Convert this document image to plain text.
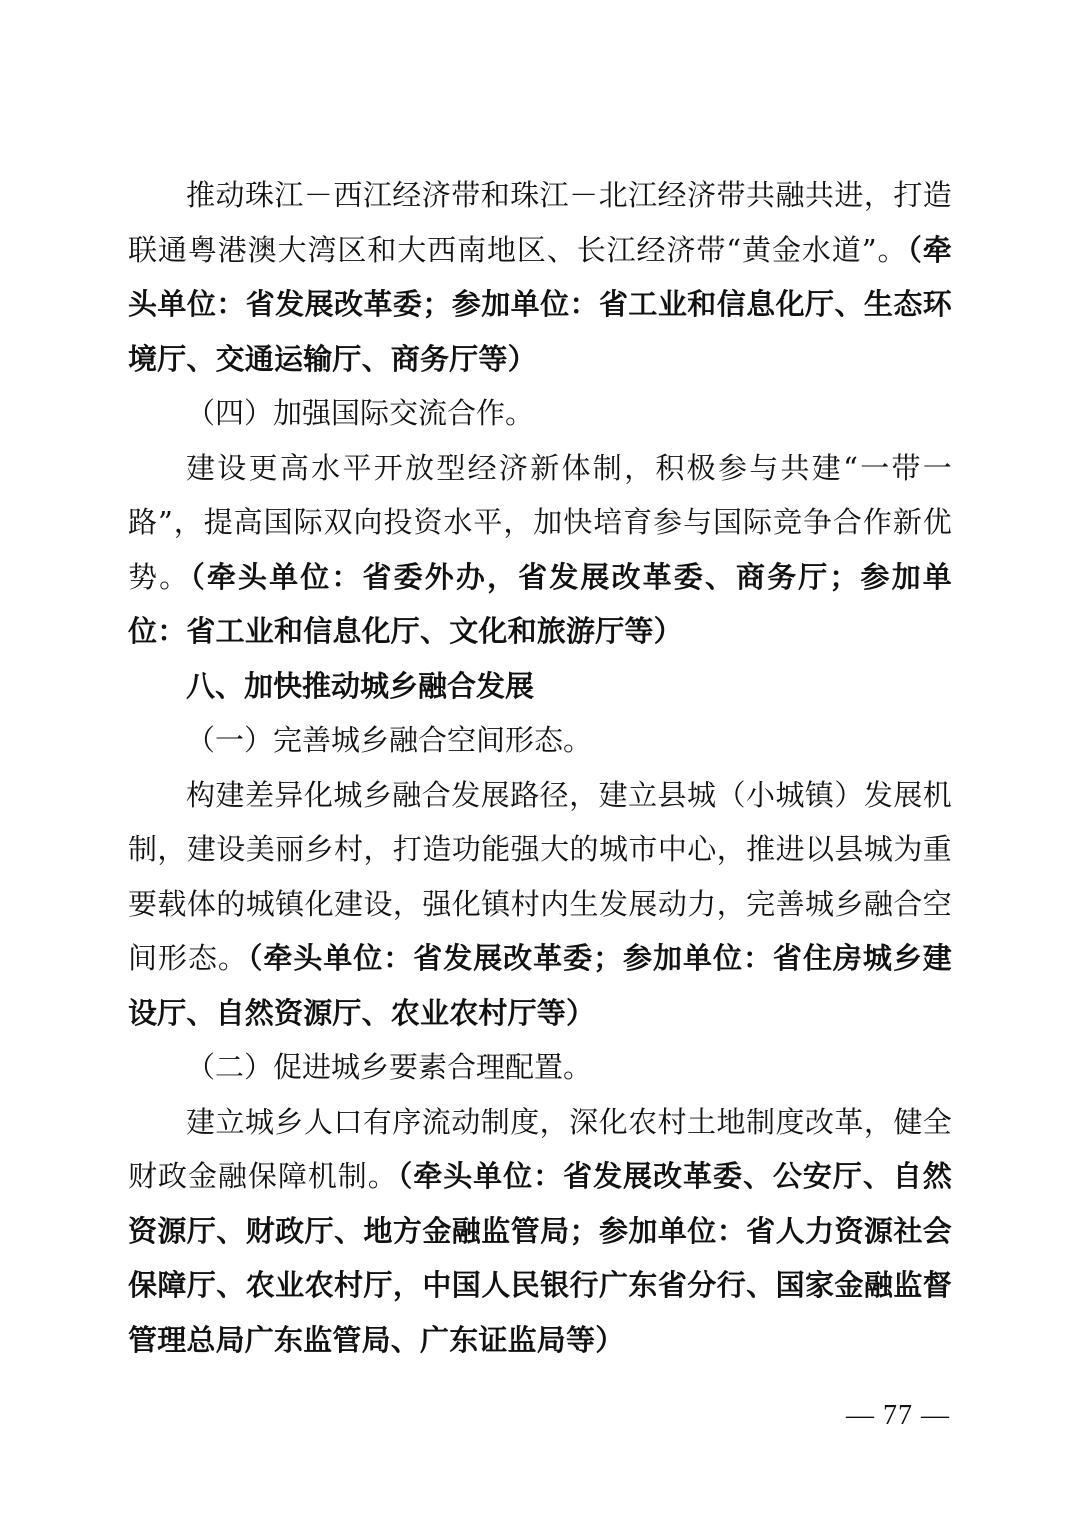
推动珠江－西江经济带和珠江－北江经济带共融共进，打造联通粤港澳大湾区和大西南地区、长江经济带“黄金水道”。（牵头单位：省发展改革委；参加单位：省工业和信息化厅、生态环境厅、交通运输厅、商务厅等）

（四）加强国际交流合作。

建设更高水平开放型经济新体制，积极参与共建“一带一路”，提高国际双向投资水平，加快培育参与国际竞争合作新优势。（牵头单位：省委外办，省发展改革委、商务厅；参加单位：省工业和信息化厅、文化和旅游厅等）

八、加快推动城乡融合发展

（一）完善城乡融合空间形态。

构建差异化城乡融合发展路径，建立县城（小城镇）发展机制，建设美丽乡村，打造功能强大的城市中心，推进以县城为重要载体的城镇化建设，强化镇村内生发展动力，完善城乡融合空间形态。（牵头单位：省发展改革委；参加单位：省住房城乡建设厅、自然资源厅、农业农村厅等）

（二）促进城乡要素合理配置。

建立城乡人口有序流动制度，深化农村土地制度改革，健全财政金融保障机制。（牵头单位：省发展改革委、公安厅、自然资源厅、财政厅、地方金融监管局；参加单位：省人力资源社会保障厅、农业农村厅，中国人民银行广东省分行、国家金融监督管理总局广东监管局、广东证监局等）

— 77 —
